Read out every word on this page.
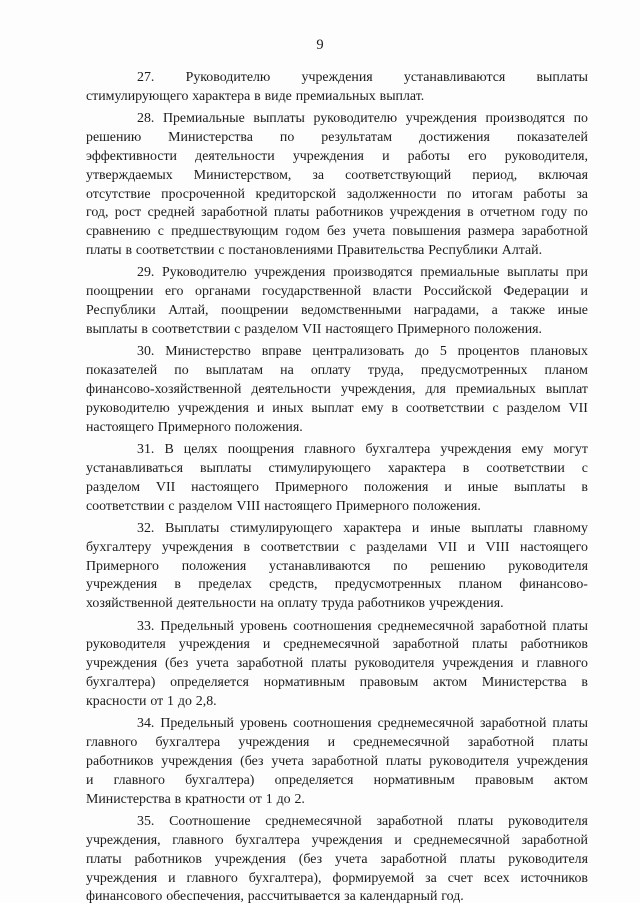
9
27. Руководителю учреждения устанавливаются выплаты
стимулирующего характера в виде премиальных выплат.
28. Премиальные выплаты руководителю учреждения производятся по
решению Министерства по результатам достижения показателей
эффективности деятельности учреждения и работы его руководителя,
утверждаемых Министерством, за соответствующий период, включая
отсутствие просроченной кредиторской задолженности по итогам работы за
год, рост средней заработной платы работников учреждения в отчетном году по
сравнению с предшествующим годом без учета повышения размера заработной
платы в соответствии с постановлениями Правительства Республики Алтай.
29. Руководителю учреждения производятся премиальные выплаты при
поощрении его органами государственной власти Российской Федерации и
Республики Алтай, поощрении ведомственными наградами, а также иные
выплаты в соответствии с разделом VII настоящего Примерного положения.
30. Министерство вправе централизовать до 5 процентов плановых
показателей по выплатам на оплату труда, предусмотренных планом
финансово-хозяйственной деятельности учреждения, для премиальных выплат
руководителю учреждения и иных выплат ему в соответствии с разделом VII
настоящего Примерного положения.
31. В целях поощрения главного бухгалтера учреждения ему могут
устанавливаться выплаты стимулирующего характера в соответствии с
разделом VII настоящего Примерного положения и иные выплаты в
соответствии с разделом VIII настоящего Примерного положения.
32. Выплаты стимулирующего характера и иные выплаты главному
бухгалтеру учреждения в соответствии с разделами VII и VIII настоящего
Примерного положения устанавливаются по решению руководителя
учреждения в пределах средств, предусмотренных планом финансово-
хозяйственной деятельности на оплату труда работников учреждения.
33. Предельный уровень соотношения среднемесячной заработной платы
руководителя учреждения и среднемесячной заработной платы работников
учреждения (без учета заработной платы руководителя учреждения и главного
бухгалтера) определяется нормативным правовым актом Министерства в
красности от 1 до 2,8.
34. Предельный уровень соотношения среднемесячной заработной платы
главного бухгалтера учреждения и среднемесячной заработной платы
работников учреждения (без учета заработной платы руководителя учреждения
и главного бухгалтера) определяется нормативным правовым актом
Министерства в кратности от 1 до 2.
35. Соотношение среднемесячной заработной платы руководителя
учреждения, главного бухгалтера учреждения и среднемесячной заработной
платы работников учреждения (без учета заработной платы руководителя
учреждения и главного бухгалтера), формируемой за счет всех источников
финансового обеспечения, рассчитывается за календарный год.
